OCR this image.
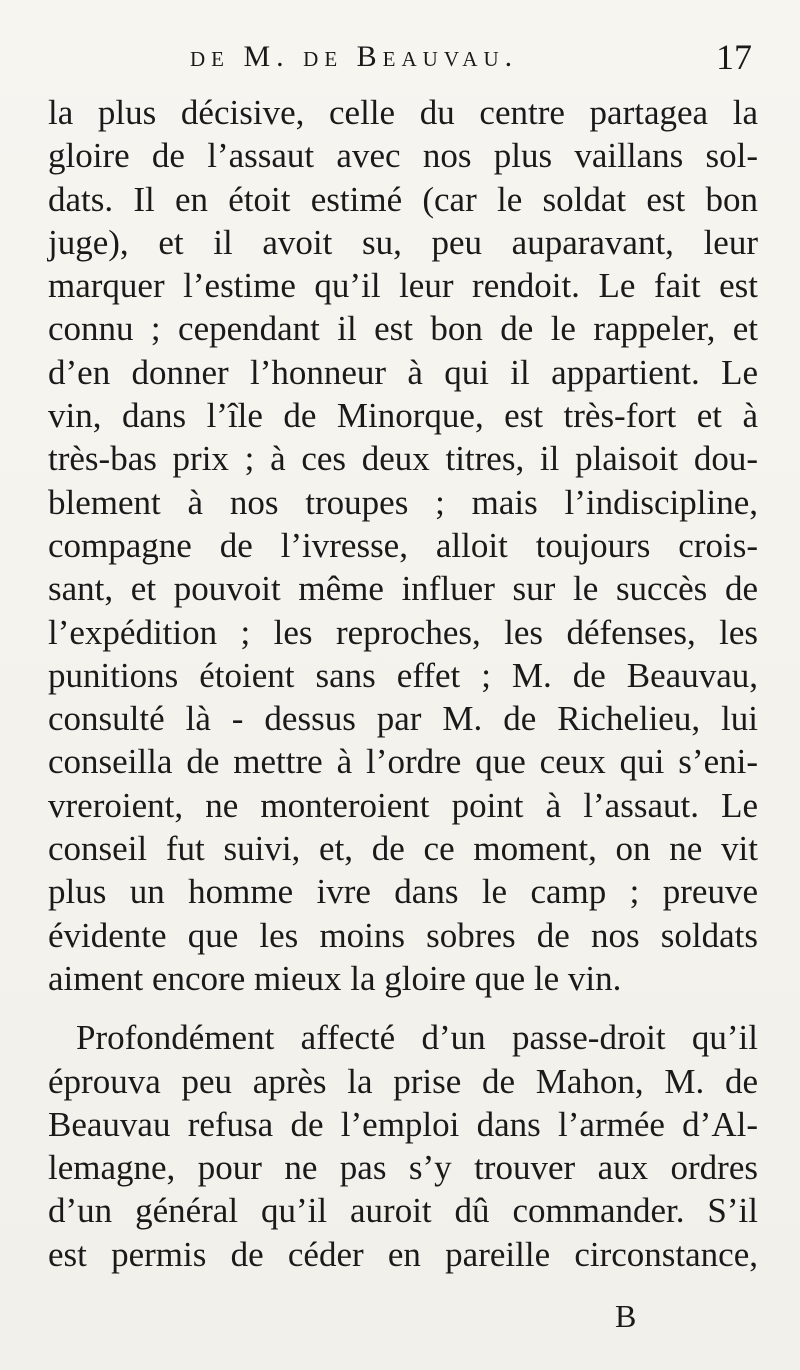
de M. de Beauvau.	17
la plus décisive, celle du centre partagea la
gloire de l’assaut avec nos plus vaillans sol-
dats. Il en étoit estimé (car le soldat est bon
juge), et il avoit su, peu auparavant, leur
marquer l’estime qu’il leur rendoit. Le fait est
connu ; cependant il est bon de le rappeler, et
d’en donner l’honneur à qui il appartient. Le
vin, dans l’île de Minorque, est très-fort et à
très-bas prix ; à ces deux titres, il plaisoit dou-
blement à nos troupes ; mais l’indiscipline,
compagne de l’ivresse, alloit toujours crois-
sant, et pouvoit même influer sur le succès de
l’expédition ; les reproches, les défenses, les
punitions étoient sans effet ; M. de Beauvau,
consulté là - dessus par M. de Richelieu, lui
conseilla de mettre à l’ordre que ceux qui s’eni-
vreroient, ne monteroient point à l’assaut. Le
conseil fut suivi, et, de ce moment, on ne vit
plus un homme ivre dans le camp ; preuve
évidente que les moins sobres de nos soldats
aiment encore mieux la gloire que le vin.
Profondément affecté d’un passe-droit qu’il
éprouva peu après la prise de Mahon, M. de
Beauvau refusa de l’emploi dans l’armée d’Al-
lemagne, pour ne pas s’y trouver aux ordres
d’un général qu’il auroit dû commander. S’il
est permis de céder en pareille circonstance,
B
